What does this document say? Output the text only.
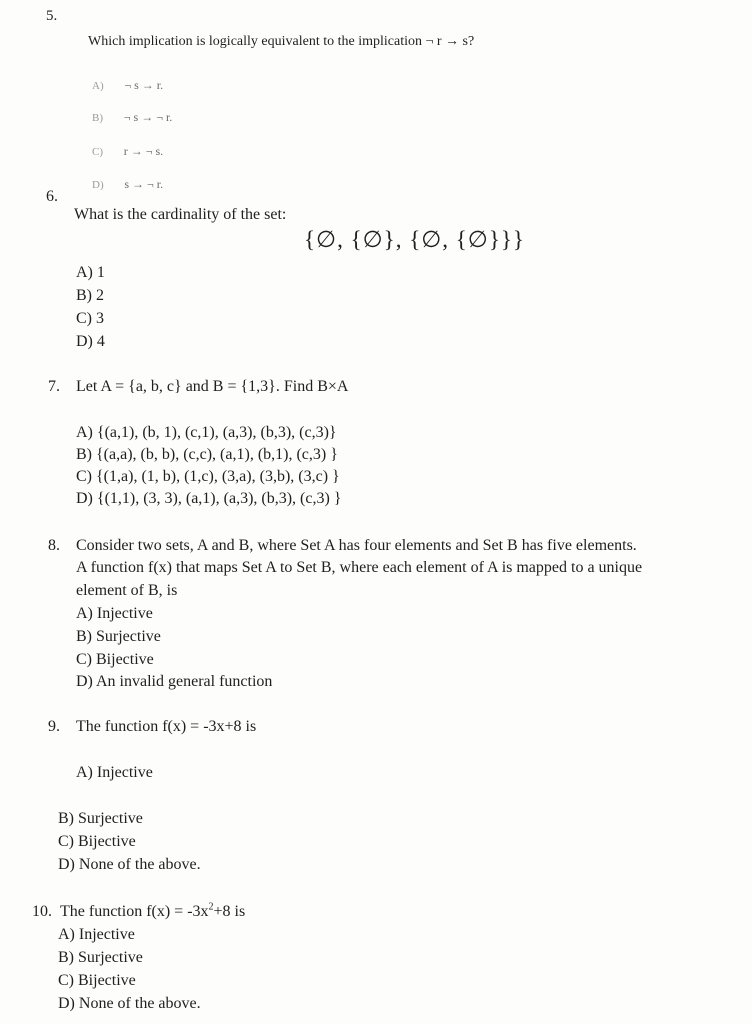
5.
Which implication is logically equivalent to the implication ¬ r → s?
A) ¬ s → r.
B) ¬ s → ¬ r.
C) r → ¬ s.
D) s → ¬ r.
6.
What is the cardinality of the set:
{∅, {∅}, {∅, {∅}}}
A) 1
B) 2
C) 3
D) 4
7. Let A = {a, b, c} and B = {1,3}. Find B×A
A) {(a,1), (b, 1), (c,1), (a,3), (b,3), (c,3)}
B) {(a,a), (b, b), (c,c), (a,1), (b,1), (c,3) }
C) {(1,a), (1, b), (1,c), (3,a), (3,b), (3,c) }
D) {(1,1), (3, 3), (a,1), (a,3), (b,3), (c,3) }
8. Consider two sets, A and B, where Set A has four elements and Set B has five elements.
A function f(x) that maps Set A to Set B, where each element of A is mapped to a unique
element of B, is
A) Injective
B) Surjective
C) Bijective
D) An invalid general function
9. The function f(x) = -3x+8 is
A) Injective
B) Surjective
C) Bijective
D) None of the above.
10. The function $f(x) = -3x^2+8$ is
A) Injective
B) Surjective
C) Bijective
D) None of the above.
